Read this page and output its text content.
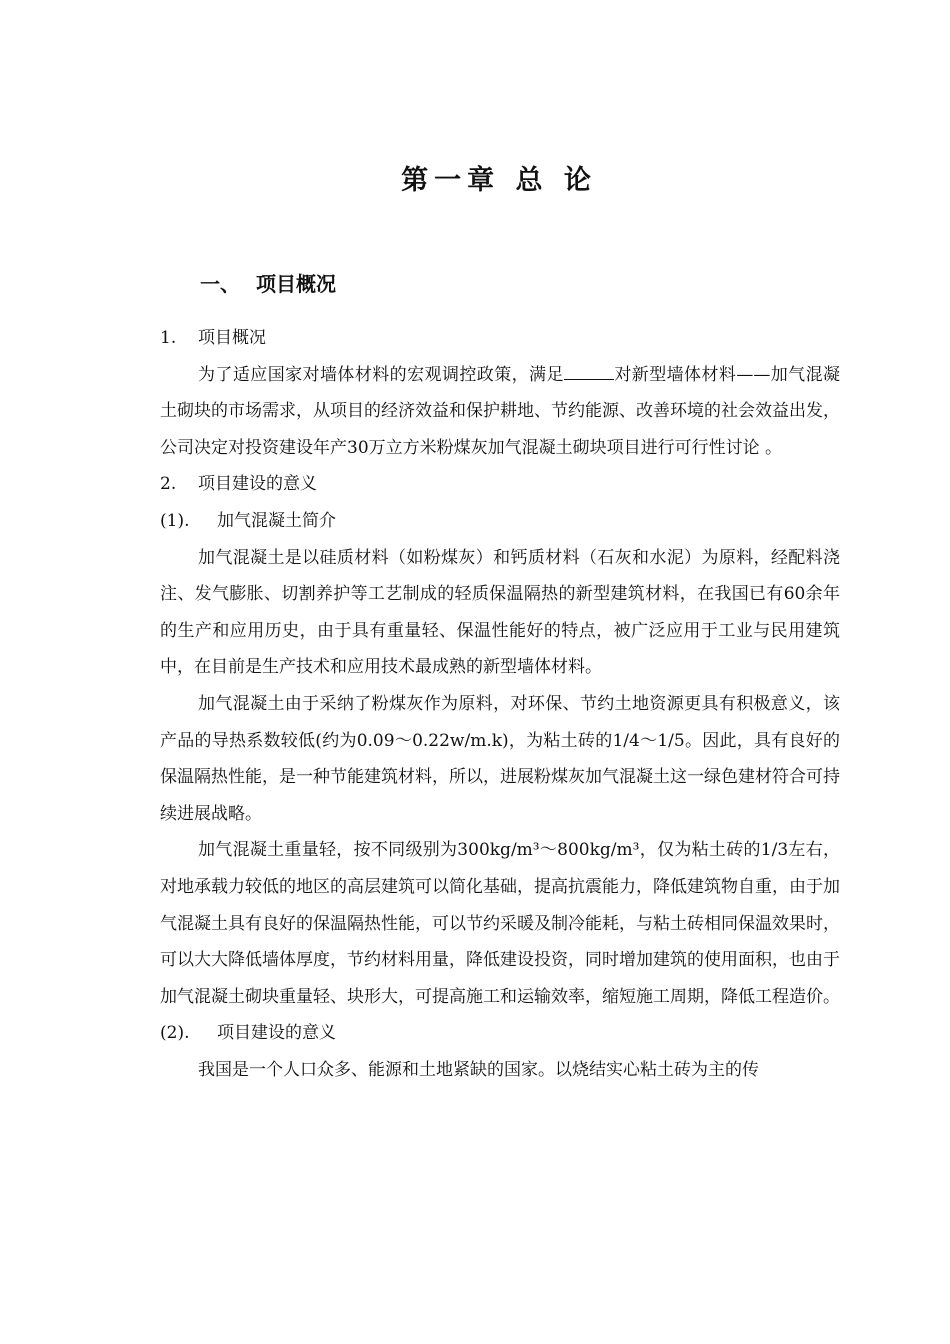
第一章 总 论
一、 项目概况

1. 项目概况

为了适应国家对墙体材料的宏观调控政策，满足	对新型墙体材料——加气混凝土砌块的市场需求，从项目的经济效益和保护耕地、节约能源、改善环境的社会效益出发，公司决定对投资建设年产30万立方米粉煤灰加气混凝土砌块项目进行可行性讨论 。

2. 项目建设的意义

(1). 加气混凝土简介

加气混凝土是以硅质材料（如粉煤灰）和钙质材料（石灰和水泥）为原料，经配料浇注、发气膨胀、切割养护等工艺制成的轻质保温隔热的新型建筑材料，在我国已有60余年的生产和应用历史，由于具有重量轻、保温性能好的特点，被广泛应用于工业与民用建筑中，在目前是生产技术和应用技术最成熟的新型墙体材料。

加气混凝土由于采纳了粉煤灰作为原料，对环保、节约土地资源更具有积极意义，该产品的导热系数较低(约为0.09～0.22w/m.k)，为粘土砖的1/4～1/5。因此，具有良好的保温隔热性能，是一种节能建筑材料，所以，进展粉煤灰加气混凝土这一绿色建材符合可持续进展战略。

加气混凝土重量轻，按不同级别为300kg/m³～800kg/m³，仅为粘土砖的1/3左右，对地承载力较低的地区的高层建筑可以简化基础，提高抗震能力，降低建筑物自重，由于加气混凝土具有良好的保温隔热性能，可以节约采暖及制冷能耗，与粘土砖相同保温效果时，可以大大降低墙体厚度，节约材料用量，降低建设投资，同时增加建筑的使用面积，也由于加气混凝土砌块重量轻、块形大，可提高施工和运输效率，缩短施工周期，降低工程造价。

(2). 项目建设的意义

我国是一个人口众多、能源和土地紧缺的国家。以烧结实心粘土砖为主的传
